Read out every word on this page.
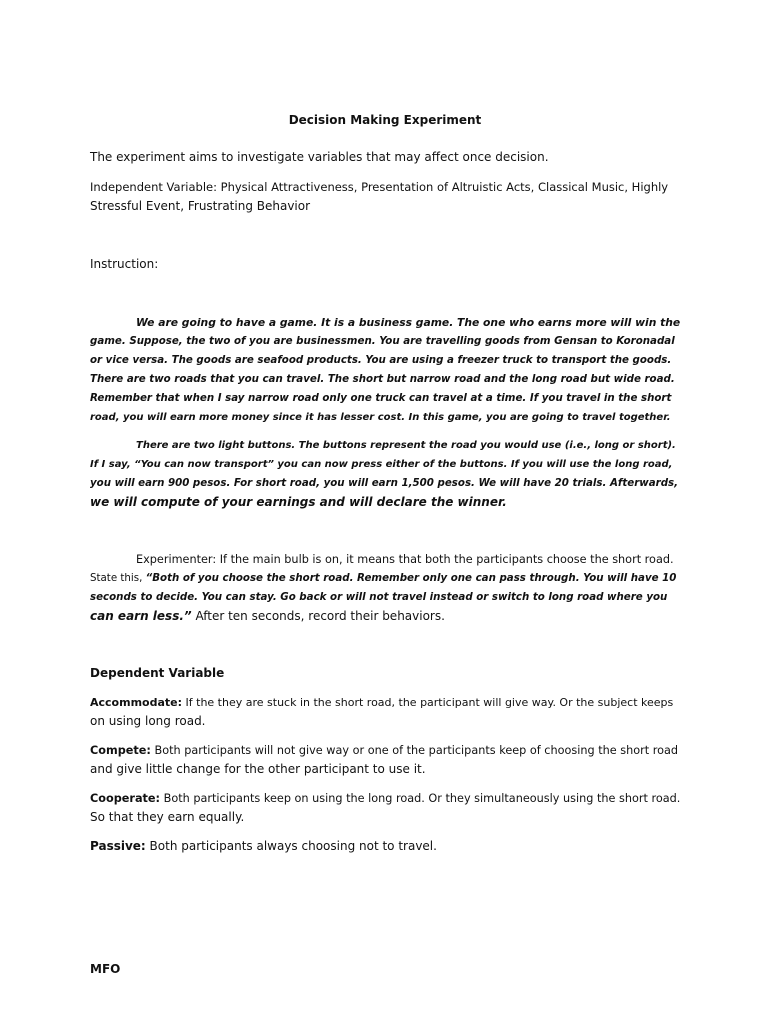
Decision Making Experiment
The experiment aims to investigate variables that may affect once decision.
Independent Variable: Physical Attractiveness, Presentation of Altruistic Acts, Classical Music, Highly
Stressful Event, Frustrating Behavior
Instruction:
We are going to have a game. It is a business game. The one who earns more will win the
game. Suppose, the two of you are businessmen. You are travelling goods from Gensan to Koronadal
or vice versa. The goods are seafood products. You are using a freezer truck to transport the goods.
There are two roads that you can travel. The short but narrow road and the long road but wide road.
Remember that when I say narrow road only one truck can travel at a time. If you travel in the short
road, you will earn more money since it has lesser cost. In this game, you are going to travel together.
There are two light buttons. The buttons represent the road you would use (i.e., long or short).
If I say, “You can now transport” you can now press either of the buttons. If you will use the long road,
you will earn 900 pesos. For short road, you will earn 1,500 pesos. We will have 20 trials. Afterwards,
we will compute of your earnings and will declare the winner.
Experimenter: If the main bulb is on, it means that both the participants choose the short road.
State this, “Both of you choose the short road. Remember only one can pass through. You will have 10
seconds to decide. You can stay. Go back or will not travel instead or switch to long road where you
can earn less.” After ten seconds, record their behaviors.
Dependent Variable
Accommodate: If the they are stuck in the short road, the participant will give way. Or the subject keeps
on using long road.
Compete: Both participants will not give way or one of the participants keep of choosing the short road
and give little change for the other participant to use it.
Cooperate: Both participants keep on using the long road. Or they simultaneously using the short road.
So that they earn equally.
Passive: Both participants always choosing not to travel.
MFO
